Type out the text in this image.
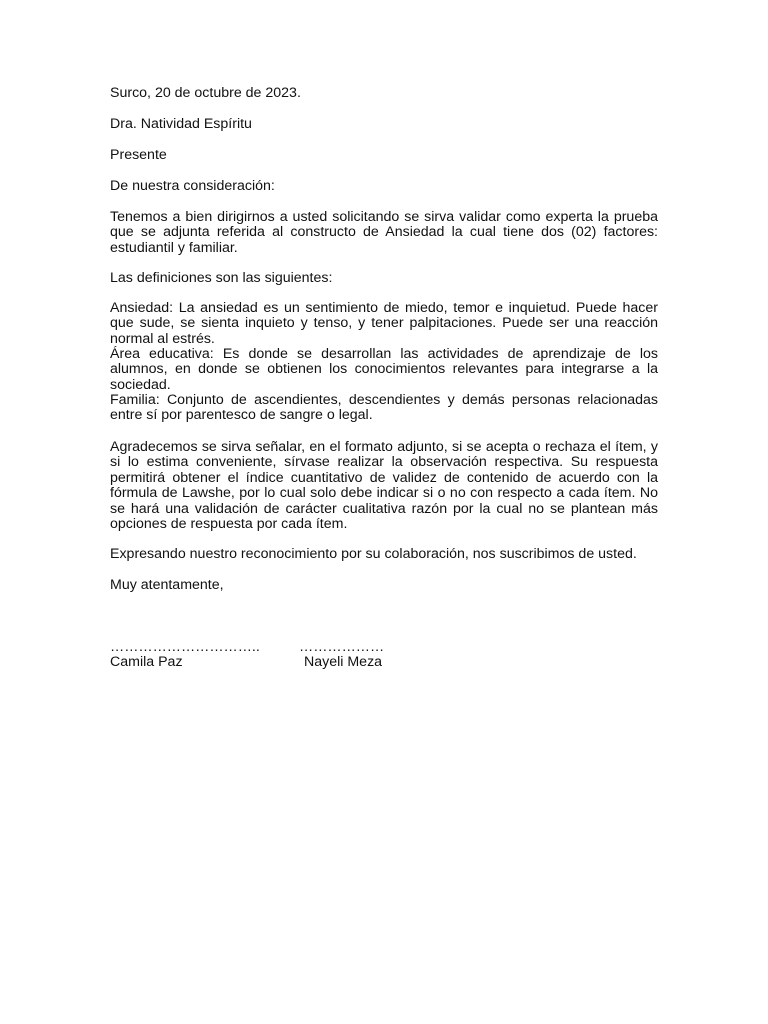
Surco, 20 de octubre de 2023.

Dra. Natividad Espíritu

Presente

De nuestra consideración:

Tenemos a bien dirigirnos a usted solicitando se sirva validar como experta la prueba que se adjunta referida al constructo de Ansiedad la cual tiene dos (02) factores: estudiantil y familiar.

Las definiciones son las siguientes:

Ansiedad: La ansiedad es un sentimiento de miedo, temor e inquietud. Puede hacer que sude, se sienta inquieto y tenso, y tener palpitaciones. Puede ser una reacción normal al estrés.

Área educativa: Es donde se desarrollan las actividades de aprendizaje de los alumnos, en donde se obtienen los conocimientos relevantes para integrarse a la sociedad.

Familia: Conjunto de ascendientes, descendientes y demás personas relacionadas entre sí por parentesco de sangre o legal.

Agradecemos se sirva señalar, en el formato adjunto, si se acepta o rechaza el ítem, y si lo estima conveniente, sírvase realizar la observación respectiva. Su respuesta permitirá obtener el índice cuantitativo de validez de contenido de acuerdo con la fórmula de Lawshe, por lo cual solo debe indicar si o no con respecto a cada ítem. No se hará una validación de carácter cualitativa razón por la cual no se plantean más opciones de respuesta por cada ítem.

Expresando nuestro reconocimiento por su colaboración, nos suscribimos de usted.

Muy atentamente,

…………………………..

Camila Paz

………………

Nayeli Meza
